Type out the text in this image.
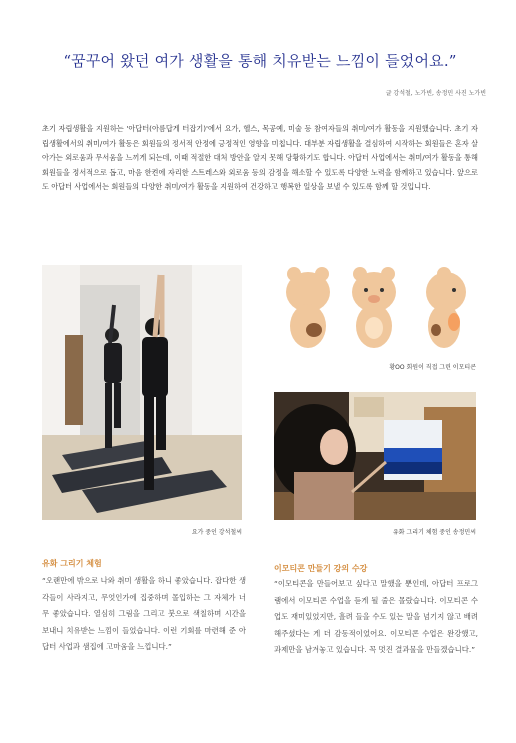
“꿈꾸어 왔던 여가 생활을 통해 치유받는 느낌이 들었어요.”
글 강석철, 노가빈, 송정민 사진 노가빈

초기 자립생활을 지원하는 '아답터(아름답게 터잡기)'에서 요가, 헬스, 목공예, 미술 등 참여자들의 취미/여가 활동을 지원했습니다. 초기 자립생활에서의 취미/여가 활동은 회원들의 정서적 안정에 긍정적인 영향을 미칩니다. 대부분 자립생활을 결심하여 시작하는 회원들은 혼자 살아가는 외로움과 무서움을 느끼게 되는데, 이때 적절한 대처 방안을 알지 못해 당황하기도 합니다. 아답터 사업에서는 취미/여가 활동을 통해 회원들을 정서적으로 돕고, 마음 한켠에 자리한 스트레스와 외로움 등의 감정을 해소할 수 있도록 다양한 노력을 함께하고 있습니다. 앞으로도 아답터 사업에서는 회원들의 다양한 취미/여가 활동을 지원하여 건강하고 행복한 일상을 보낼 수 있도록 함께 할 것입니다.

요가 중인 강석철씨
황OO 회원이 직접 그린 이모티콘
유화 그리기 체험 중인 송정민씨
유화 그리기 체험

“오랜만에 밖으로 나와 취미 생활을 하니 좋았습니다. 잡다한 생각들이 사라지고, 무엇인가에 집중하며 몰입하는 그 자체가 너무 좋았습니다. 열심히 그림을 그리고 붓으로 색칠하며 시간을 보내니 치유받는 느낌이 들었습니다. 이런 기회를 마련해 준 아답터 사업과 샘집에 고마움을 느낍니다.”

이모티콘 만들기 강의 수강

“이모티콘을 만들어보고 싶다고 말했을 뿐인데, 아답터 프로그램에서 이모티콘 수업을 듣게 될 줄은 몰랐습니다. 이모티콘 수업도 재미있었지만, 흘려 들을 수도 있는 말을 넘기지 않고 배려해주셨다는 게 더 감동적이었어요. 이모티콘 수업은 완강했고, 과제만을 남겨놓고 있습니다. 꼭 멋진 결과물을 만들겠습니다.”
